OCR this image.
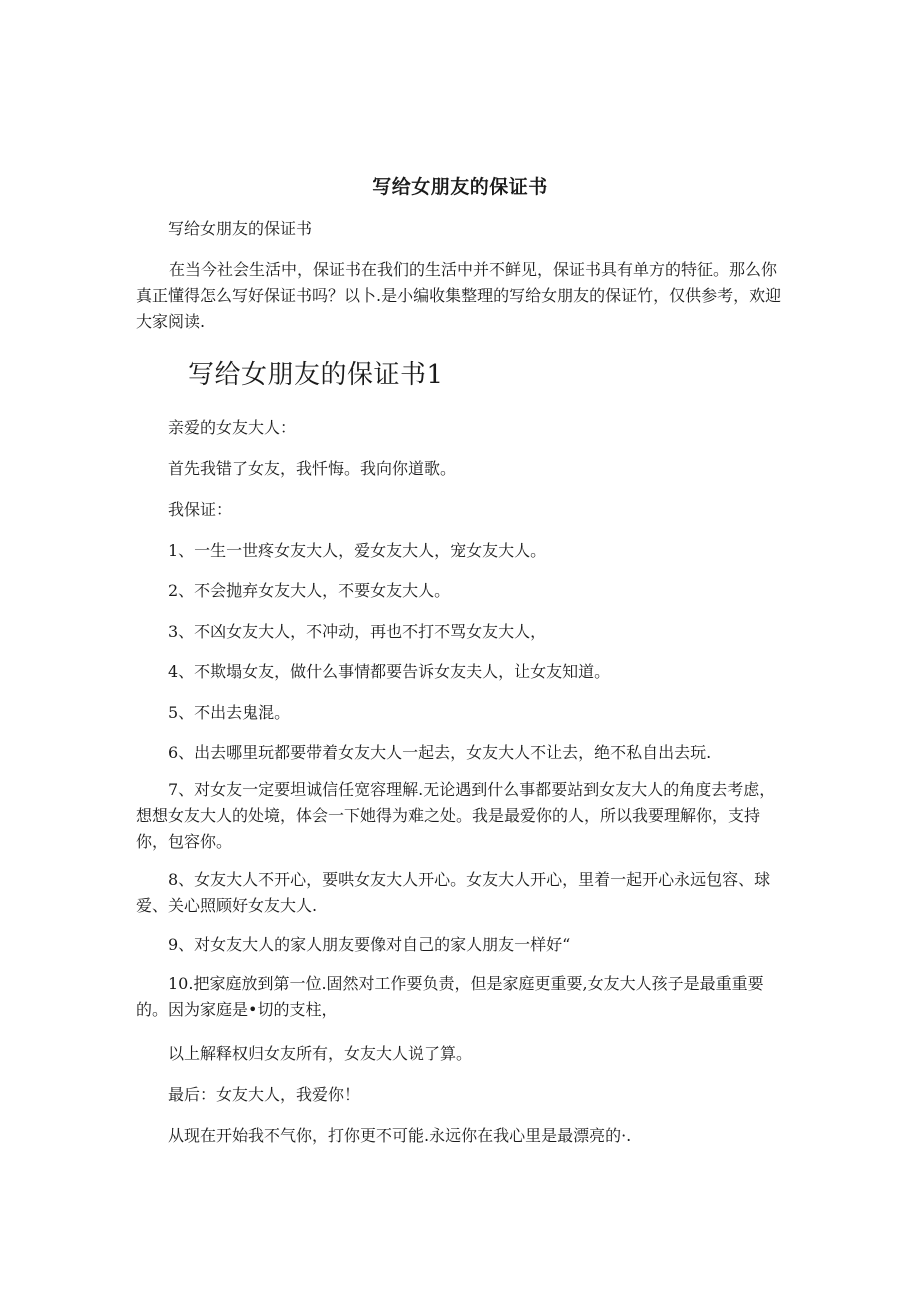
写给女朋友的保证书
写给女朋友的保证书

在当今社会生活中，保证书在我们的生活中并不鲜见，保证书具有单方的特征。那么你真正懂得怎么写好保证书吗？以卜.是小编收集整理的写给女朋友的保证竹，仅供参考，欢迎大家阅读.

写给女朋友的保证书1

亲爱的女友大人：

首先我错了女友，我忏悔。我向你道歌。

我保证：

1、一生一世疼女友大人，爱女友大人，宠女友大人。

2、不会抛弃女友大人，不要女友大人。

3、不凶女友大人，不冲动，再也不打不骂女友大人，

4、不欺塌女友，做什么事情都要告诉女友夫人，让女友知道。

5、不出去鬼混。

6、出去哪里玩都要带着女友大人一起去，女友大人不让去，绝不私自出去玩.

7、对女友一定要坦诚信任宽容理解.无论遇到什么事都要站到女友大人的角度去考虑，想想女友大人的处境，体会一下她得为难之处。我是最爱你的人，所以我要理解你，支持你，包容你。

8、女友大人不开心，要哄女友大人开心。女友大人开心，里着一起开心永远包容、球爱、关心照顾好女友大人.

9、对女友大人的家人朋友要像对自己的家人朋友一样好“

10.把家庭放到第一位.固然对工作要负责，但是家庭更重要,女友大人孩子是最重重要的。因为家庭是•切的支柱，

以上解释权归女友所有，女友大人说了算。

最后：女友大人，我爱你！

从现在开始我不气你，打你更不可能.永远你在我心里是最漂亮的·.
